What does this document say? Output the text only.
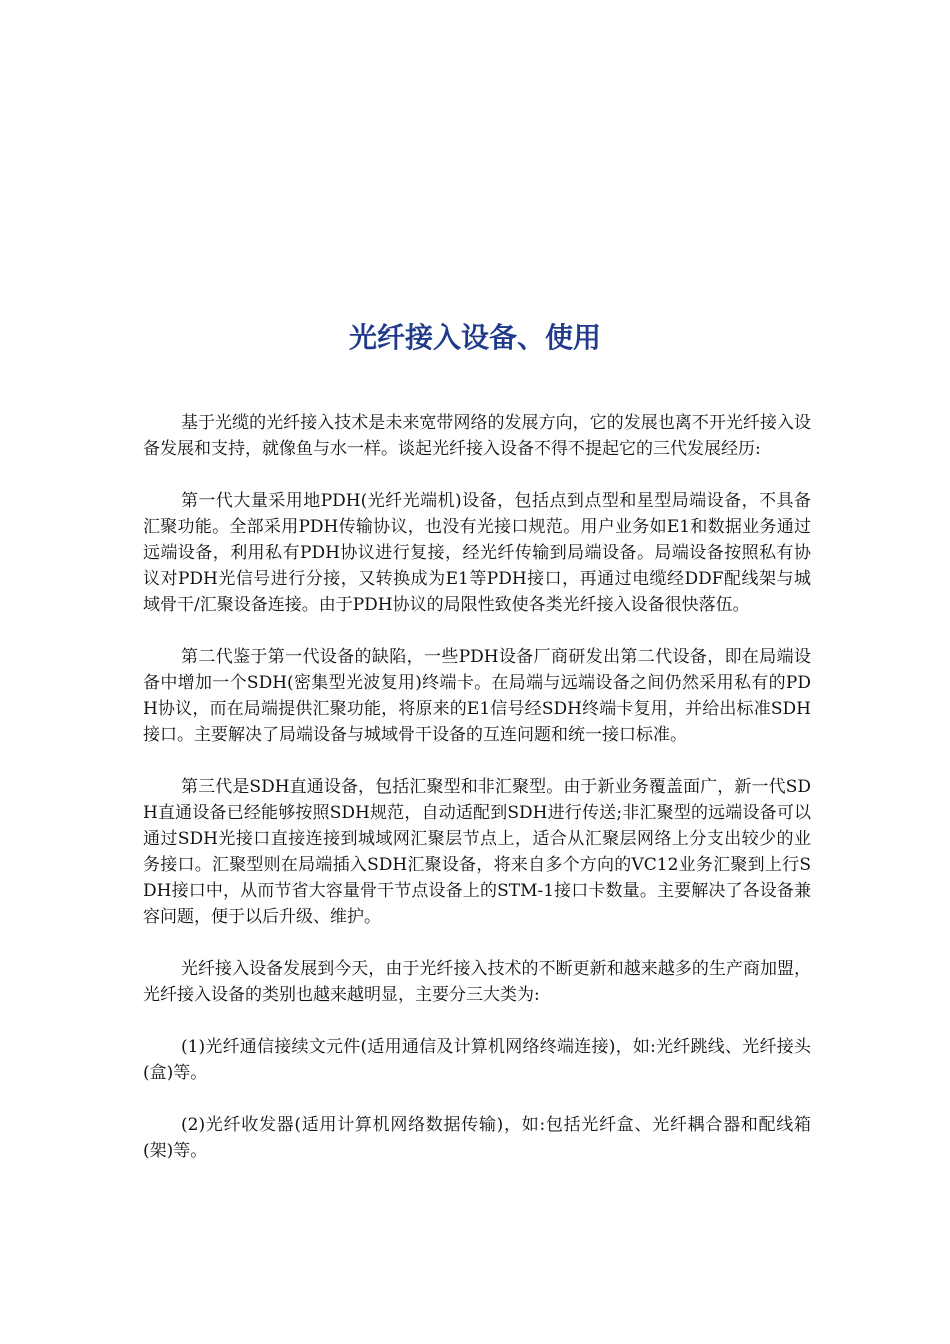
光纤接入设备、使用

基于光缆的光纤接入技术是未来宽带网络的发展方向，它的发展也离不开光纤接入设备发展和支持，就像鱼与水一样。谈起光纤接入设备不得不提起它的三代发展经历:

第一代大量采用地PDH(光纤光端机)设备，包括点到点型和星型局端设备，不具备汇聚功能。全部采用PDH传输协议，也没有光接口规范。用户业务如E1和数据业务通过远端设备，利用私有PDH协议进行复接，经光纤传输到局端设备。局端设备按照私有协议对PDH光信号进行分接，又转换成为E1等PDH接口，再通过电缆经DDF配线架与城域骨干/汇聚设备连接。由于PDH协议的局限性致使各类光纤接入设备很快落伍。

第二代鉴于第一代设备的缺陷，一些PDH设备厂商研发出第二代设备，即在局端设备中增加一个SDH(密集型光波复用)终端卡。在局端与远端设备之间仍然采用私有的PDH协议，而在局端提供汇聚功能，将原来的E1信号经SDH终端卡复用，并给出标准SDH接口。主要解决了局端设备与城域骨干设备的互连问题和统一接口标准。

第三代是SDH直通设备，包括汇聚型和非汇聚型。由于新业务覆盖面广，新一代SDH直通设备已经能够按照SDH规范，自动适配到SDH进行传送;非汇聚型的远端设备可以通过SDH光接口直接连接到城域网汇聚层节点上，适合从汇聚层网络上分支出较少的业务接口。汇聚型则在局端插入SDH汇聚设备，将来自多个方向的VC12业务汇聚到上行SDH接口中，从而节省大容量骨干节点设备上的STM-1接口卡数量。主要解决了各设备兼容问题，便于以后升级、维护。

光纤接入设备发展到今天，由于光纤接入技术的不断更新和越来越多的生产商加盟，光纤接入设备的类别也越来越明显，主要分三大类为:

(1)光纤通信接续文元件(适用通信及计算机网络终端连接)，如:光纤跳线、光纤接头(盒)等。

(2)光纤收发器(适用计算机网络数据传输)，如:包括光纤盒、光纤耦合器和配线箱(架)等。
